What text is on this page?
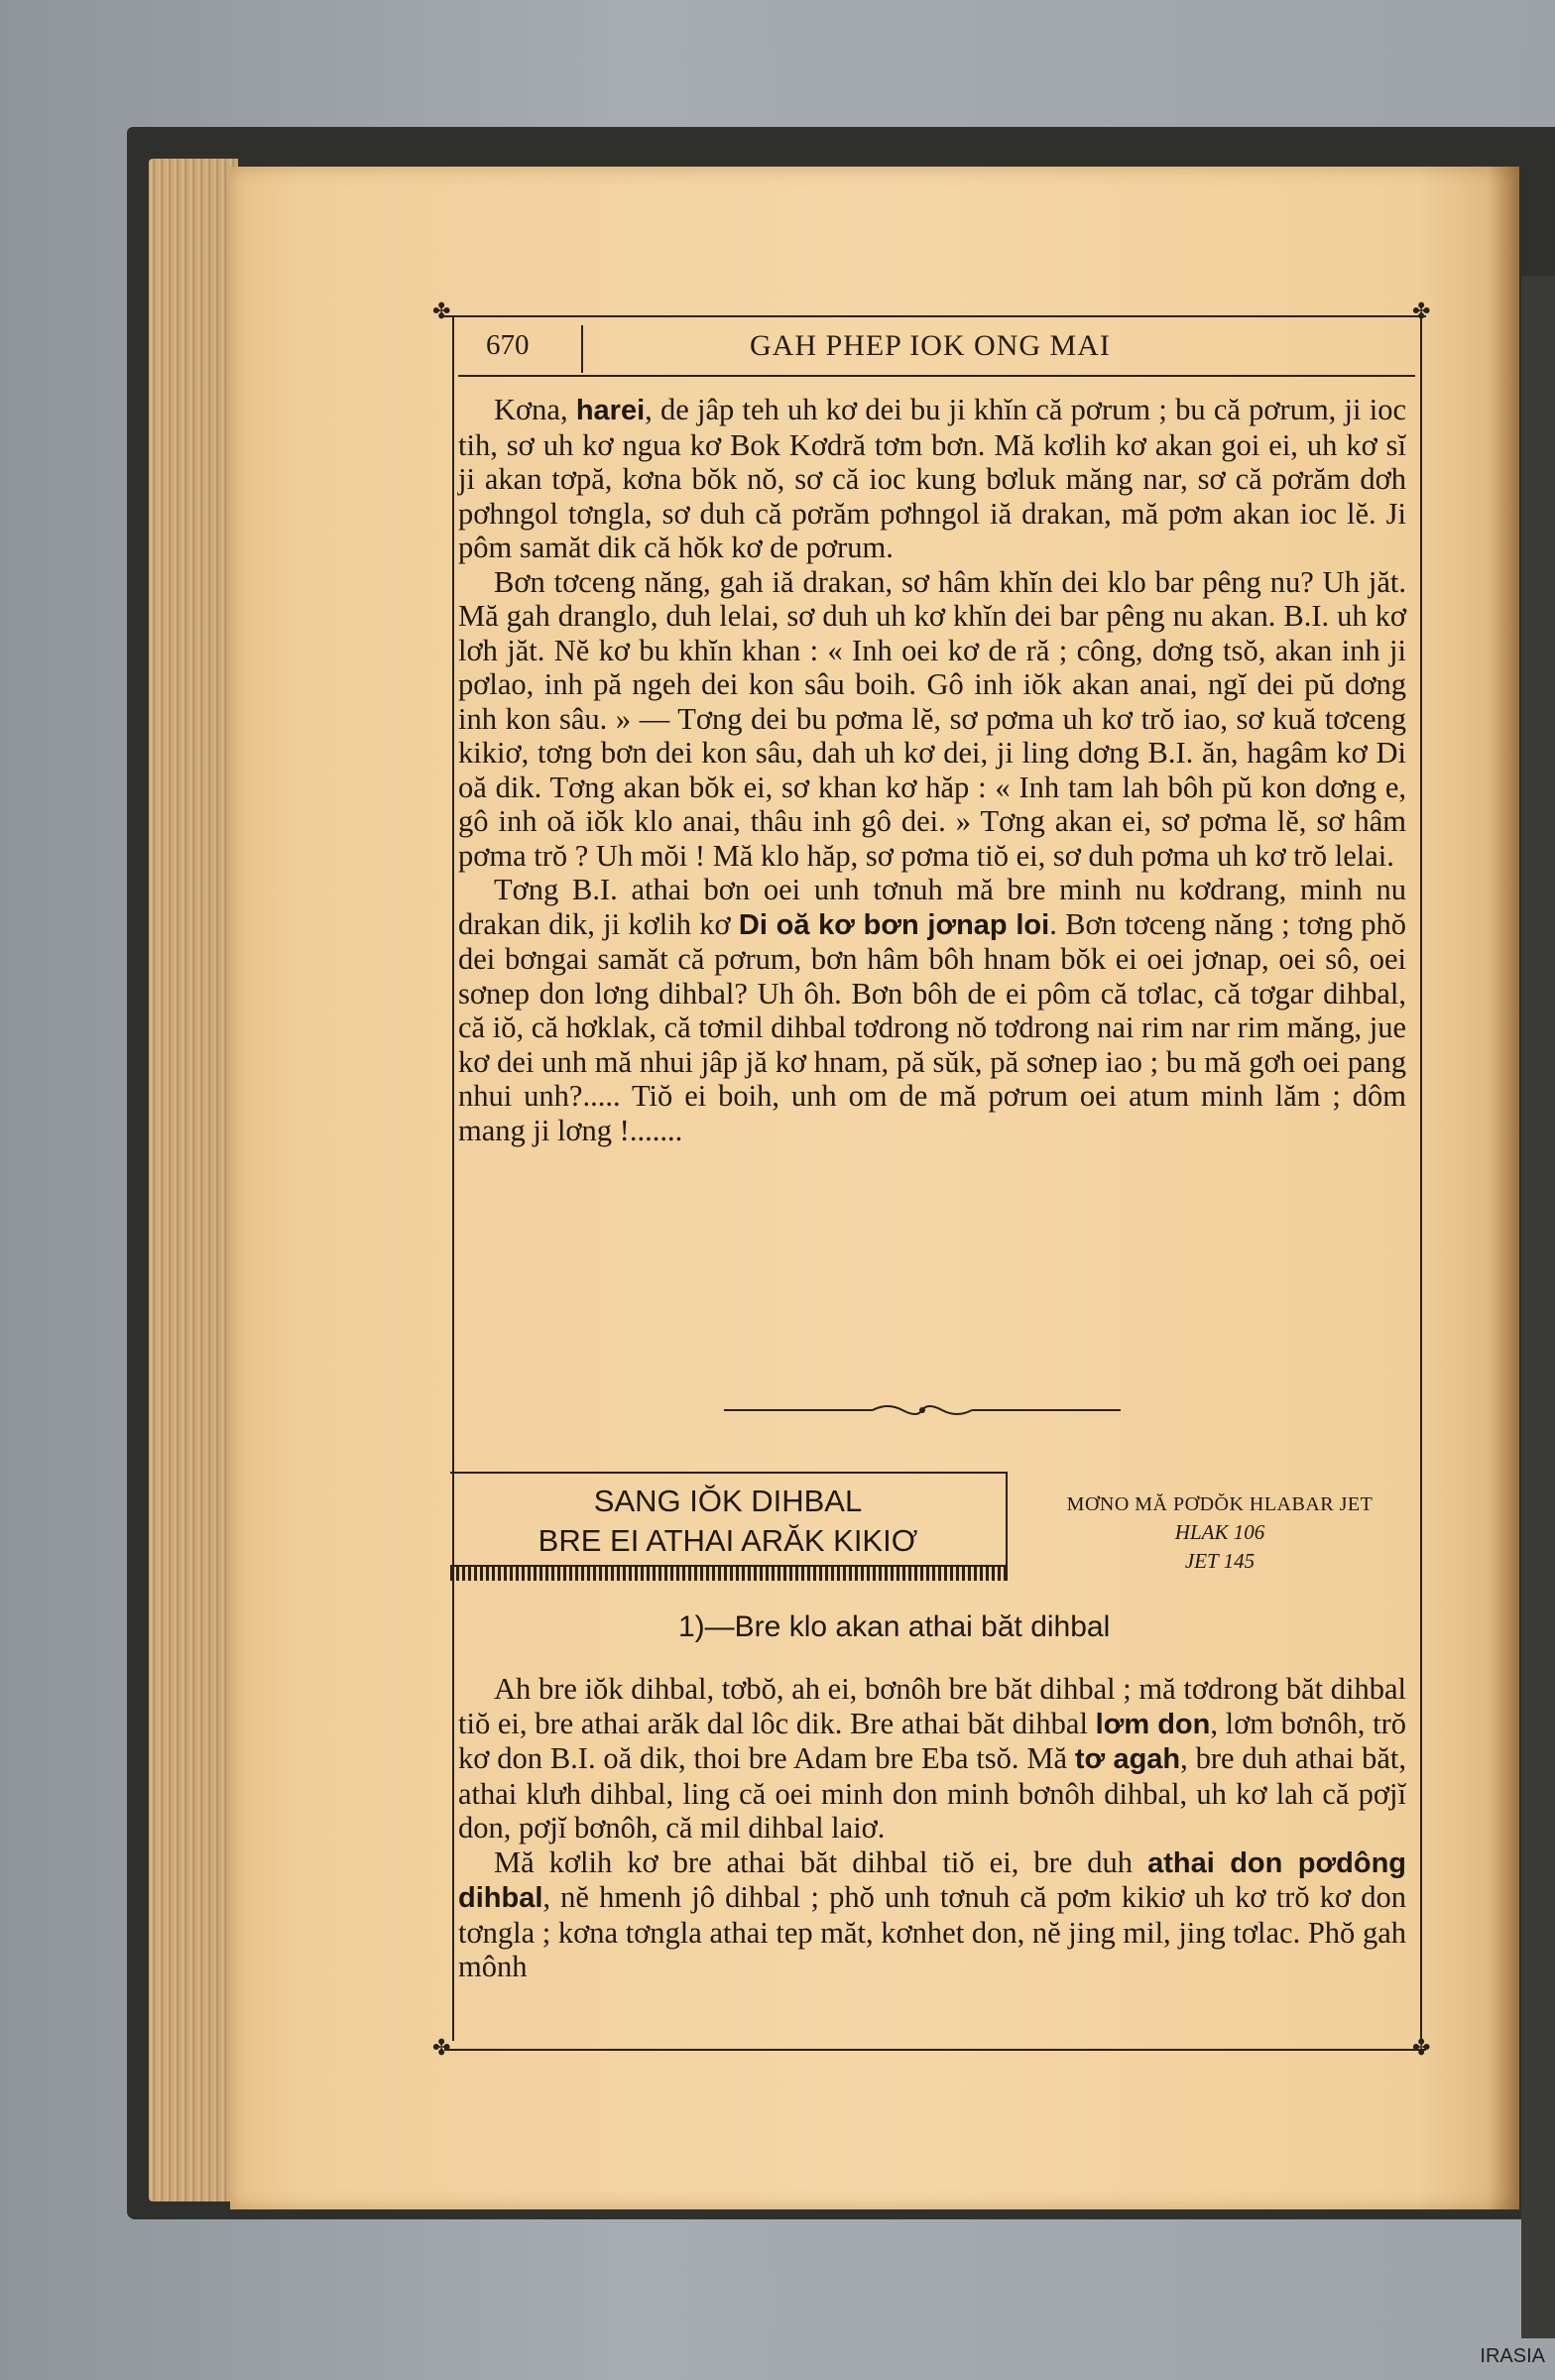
✤	✤
✤	✤
670	GAH PHEP IOK ONG MAI

Kơna, harei, de jâp teh uh kơ dei bu ji khĭn că pơrum ; bu că pơrum, ji ioc tih, sơ uh kơ ngua kơ Bok Kơdră tơm bơn. Mă kơlih kơ akan goi ei, uh kơ sĭ ji akan tơpă, kơna bŏk nŏ, sơ că ioc kung bơluk măng nar, sơ că pơrăm dơh pơhngol tơngla, sơ duh că pơrăm pơhngol iă drakan, mă pơm akan ioc lĕ. Ji pôm samăt dik că hŏk kơ de pơrum.

Bơn tơceng năng, gah iă drakan, sơ hâm khĭn dei klo bar pêng nu? Uh jăt. Mă gah dranglo, duh lelai, sơ duh uh kơ khĭn dei bar pêng nu akan. B.I. uh kơ lơh jăt. Nĕ kơ bu khĭn khan : « Inh oei kơ de ră ; công, dơng tsŏ, akan inh ji pơlao, inh pă ngeh dei kon sâu boih. Gô inh iŏk akan anai, ngĭ dei pŭ dơng inh kon sâu. » — Tơng dei bu pơma lĕ, sơ pơma uh kơ trŏ iao, sơ kuă tơceng kikiơ, tơng bơn dei kon sâu, dah uh kơ dei, ji ling dơng B.I. ăn, hagâm kơ Di oă dik. Tơng akan bŏk ei, sơ khan kơ hăp : « Inh tam lah bôh pŭ kon dơng e, gô inh oă iŏk klo anai, thâu inh gô dei. » Tơng akan ei, sơ pơma lĕ, sơ hâm pơma trŏ ? Uh mŏi ! Mă klo hăp, sơ pơma tiŏ ei, sơ duh pơma uh kơ trŏ lelai.

Tơng B.I. athai bơn oei unh tơnuh mă bre minh nu kơdrang, minh nu drakan dik, ji kơlih kơ Di oă kơ bơn jơnap loi. Bơn tơceng năng ; tơng phŏ dei bơngai samăt că pơrum, bơn hâm bôh hnam bŏk ei oei jơnap, oei sô, oei sơnep don lơng dihbal? Uh ôh. Bơn bôh de ei pôm că tơlac, că tơgar dihbal, că iŏ, că hơklak, că tơmil dihbal tơdrong nŏ tơdrong nai rim nar rim măng, jue kơ dei unh mă nhui jâp jă kơ hnam, pă sŭk, pă sơnep iao ; bu mă gơh oei pang nhui unh?..... Tiŏ ei boih, unh om de mă pơrum oei atum minh lăm ; dôm mang ji lơng !.......

SANG IŎK DIHBAL
BRE EI ATHAI ARĂK KIKIƠ
MƠNO MĂ PƠDŎK HLABAR JET
HLAK 106
JET 145
1)—Bre klo akan athai băt dihbal

Ah bre iŏk dihbal, tơbŏ, ah ei, bơnôh bre băt dihbal ; mă tơdrong băt dihbal tiŏ ei, bre athai arăk dal lôc dik. Bre athai băt dihbal lơm don, lơm bơnôh, trŏ kơ don B.I. oă dik, thoi bre Adam bre Eba tsŏ. Mă tơ agah, bre duh athai băt, athai klưh dihbal, ling că oei minh don minh bơnôh dihbal, uh kơ lah că pơjĭ don, pơjĭ bơnôh, că mil dihbal laiơ.

Mă kơlih kơ bre athai băt dihbal tiŏ ei, bre duh athai don pơdông dihbal, nĕ hmenh jô dihbal ; phŏ unh tơnuh că pơm kikiơ uh kơ trŏ kơ don tơngla ; kơna tơngla athai tep măt, kơnhet don, nĕ jing mil, jing tơlac. Phŏ gah mônh

IRASIA
